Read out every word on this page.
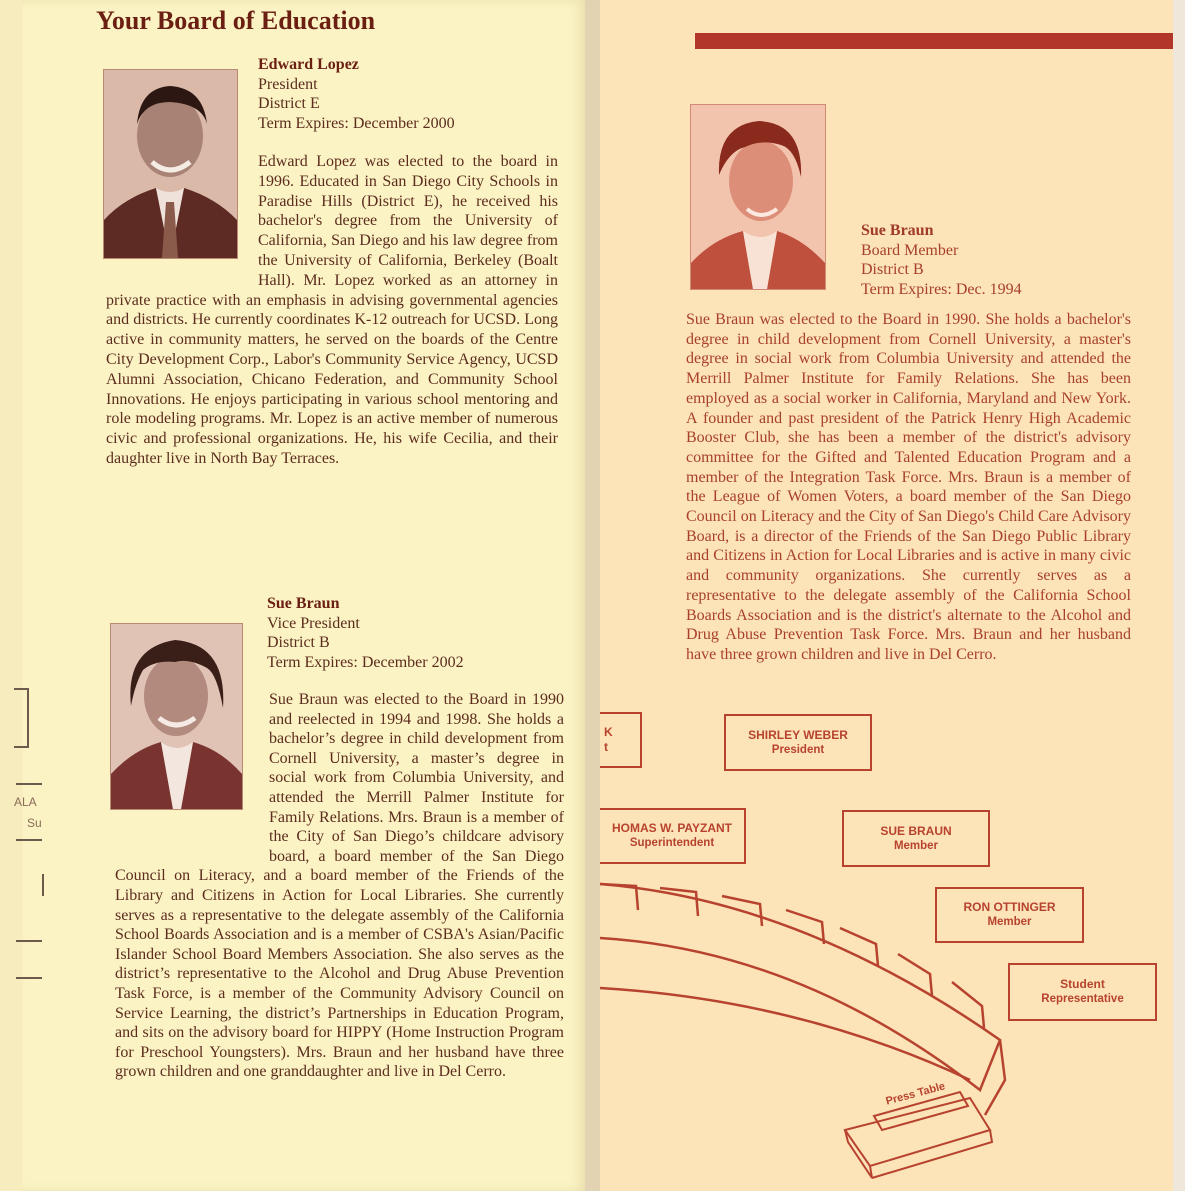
ALA
Su
Your Board of Education
Edward Lopez
President
District E
Term Expires: December 2000
Edward Lopez was elected to the board in 1996. Educated in San Diego City Schools in Paradise Hills (District E), he received his bachelor's degree from the University of California, San Diego and his law degree from the University of California, Berkeley (Boalt Hall). Mr. Lopez worked as an attorney in private practice with an emphasis in advising governmental agencies and districts. He currently coordinates K-12 outreach for UCSD. Long active in community matters, he served on the boards of the Centre City Development Corp., Labor's Community Service Agency, UCSD Alumni Association, Chicano Federation, and Community School Innovations. He enjoys participating in various school mentoring and role modeling programs. Mr. Lopez is an active member of numerous civic and professional organizations. He, his wife Cecilia, and their daughter live in North Bay Terraces.
Sue Braun
Vice President
District B
Term Expires: December 2002
Sue Braun was elected to the Board in 1990 and reelected in 1994 and 1998. She holds a bachelor’s degree in child development from Cornell University, a master’s degree in social work from Columbia University, and attended the Merrill Palmer Institute for Family Relations. Mrs. Braun is a member of the City of San Diego’s childcare advisory board, a board member of the San Diego Council on Literacy, and a board member of the Friends of the Library and Citizens in Action for Local Libraries. She currently serves as a representative to the delegate assembly of the California School Boards Association and is a member of CSBA's Asian/Pacific Islander School Board Members Association. She also serves as the district’s representative to the Alcohol and Drug Abuse Prevention Task Force, is a member of the Community Advisory Council on Service Learning, the district’s Partnerships in Education Program, and sits on the advisory board for HIPPY (Home Instruction Program for Preschool Youngsters). Mrs. Braun and her husband have three grown children and one granddaughter and live in Del Cerro.
Sue Braun
Board Member
District B
Term Expires: Dec. 1994
Sue Braun was elected to the Board in 1990. She holds a bachelor's degree in child development from Cornell University, a master's degree in social work from Columbia University and attended the Merrill Palmer Institute for Family Relations. She has been employed as a social worker in California, Maryland and New York. A founder and past president of the Patrick Henry High Academic Booster Club, she has been a member of the district's advisory committee for the Gifted and Talented Education Program and a member of the Integration Task Force. Mrs. Braun is a member of the League of Women Voters, a board member of the San Diego Council on Literacy and the City of San Diego's Child Care Advisory Board, is a director of the Friends of the San Diego Public Library and Citizens in Action for Local Libraries and is active in many civic and community organizations. She currently serves as a representative to the delegate assembly of the California School Boards Association and is the district's alternate to the Alcohol and Drug Abuse Prevention Task Force. Mrs. Braun and her husband have three grown children and live in Del Cerro.
K
t
SHIRLEY WEBER
President
HOMAS W. PAYZANT
Superintendent
SUE BRAUN
Member
RON OTTINGER
Member
Student
Representative
Press Table
